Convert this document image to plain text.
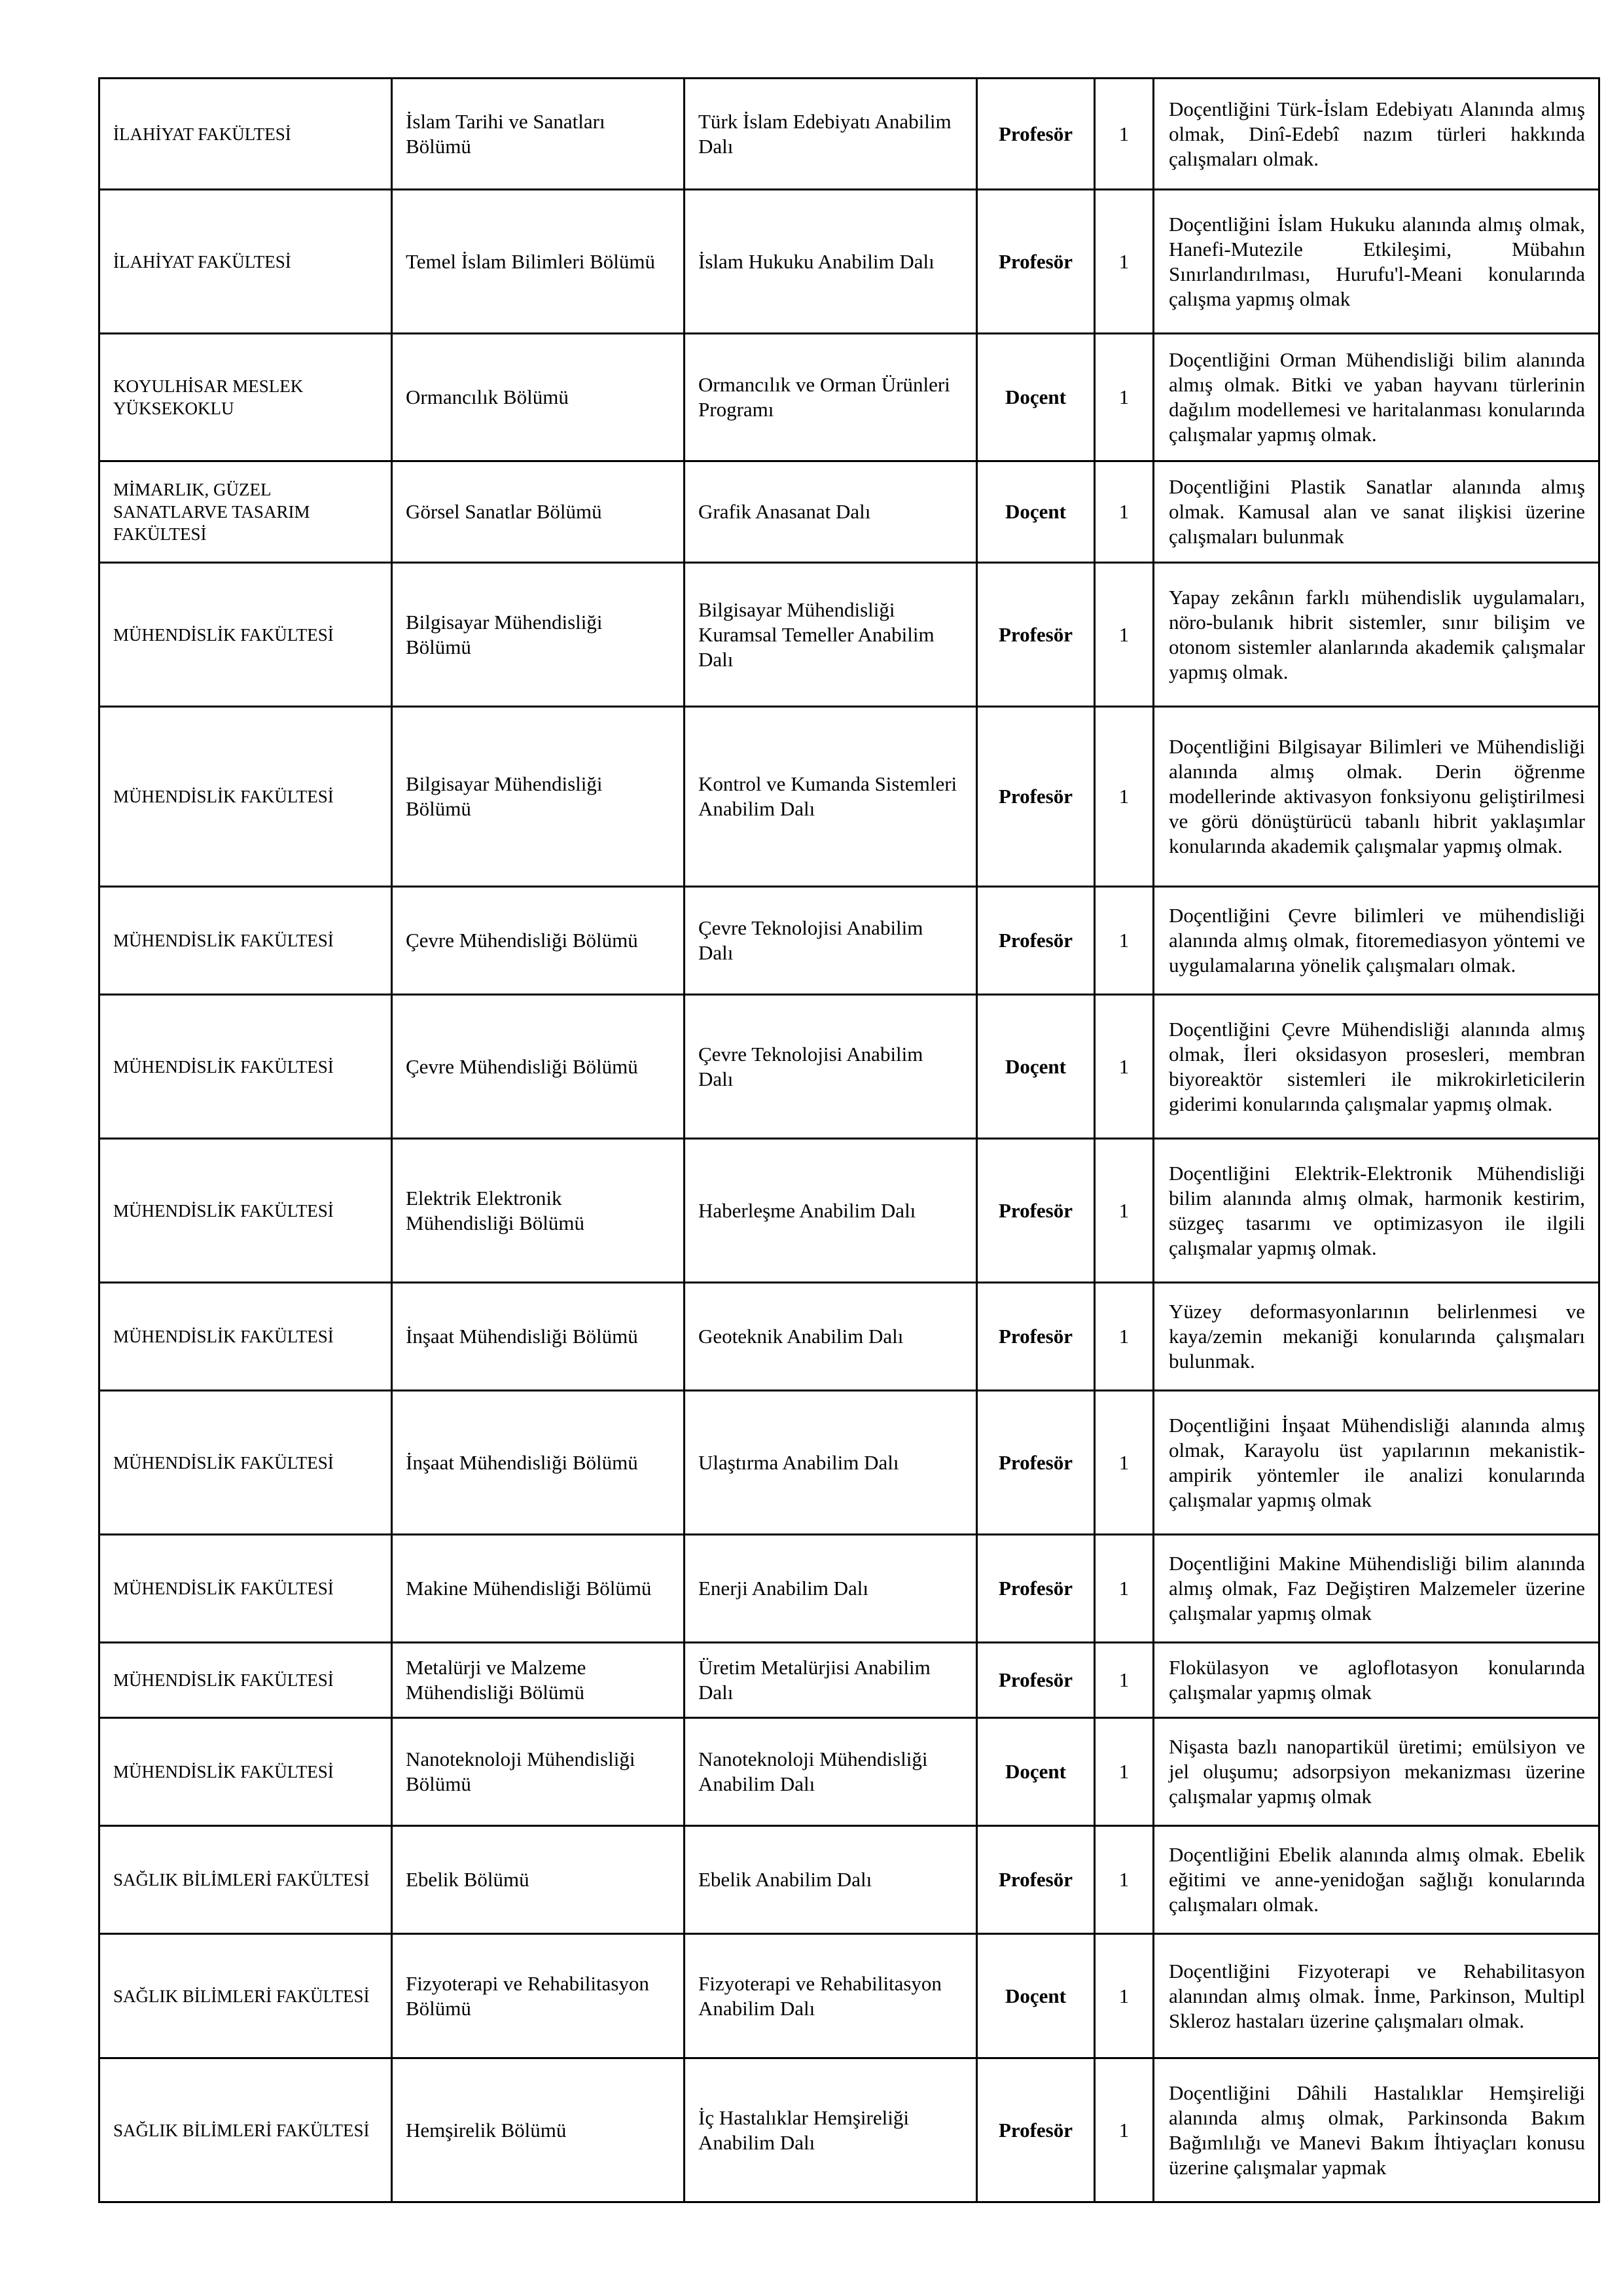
İLAHİYAT FAKÜLTESİ	İslam Tarihi ve Sanatları Bölümü	Türk İslam Edebiyatı Anabilim Dalı	Profesör	1	Doçentliğini Türk-İslam Edebiyatı Alanında almış olmak, Dinî-Edebî nazım türleri hakkında çalışmaları olmak.
İLAHİYAT FAKÜLTESİ	Temel İslam Bilimleri Bölümü	İslam Hukuku Anabilim Dalı	Profesör	1	Doçentliğini İslam Hukuku alanında almış olmak, Hanefi-Mutezile Etkileşimi, Mübahın Sınırlandırılması, Hurufu'l-Meani konularında çalışma yapmış olmak
KOYULHİSAR MESLEK YÜKSEKOKLU	Ormancılık Bölümü	Ormancılık ve Orman Ürünleri Programı	Doçent	1	Doçentliğini Orman Mühendisliği bilim alanında almış olmak. Bitki ve yaban hayvanı türlerinin dağılım modellemesi ve haritalanması konularında çalışmalar yapmış olmak.
MİMARLIK, GÜZEL SANATLARVE TASARIM FAKÜLTESİ	Görsel Sanatlar Bölümü	Grafik Anasanat Dalı	Doçent	1	Doçentliğini Plastik Sanatlar alanında almış olmak. Kamusal alan ve sanat ilişkisi üzerine çalışmaları bulunmak
MÜHENDİSLİK FAKÜLTESİ	Bilgisayar Mühendisliği Bölümü	Bilgisayar Mühendisliği Kuramsal Temeller Anabilim Dalı	Profesör	1	Yapay zekânın farklı mühendislik uygulamaları, nöro-bulanık hibrit sistemler, sınır bilişim ve otonom sistemler alanlarında akademik çalışmalar yapmış olmak.
MÜHENDİSLİK FAKÜLTESİ	Bilgisayar Mühendisliği Bölümü	Kontrol ve Kumanda Sistemleri Anabilim Dalı	Profesör	1	Doçentliğini Bilgisayar Bilimleri ve Mühendisliği alanında almış olmak. Derin öğrenme modellerinde aktivasyon fonksiyonu geliştirilmesi ve görü dönüştürücü tabanlı hibrit yaklaşımlar konularında akademik çalışmalar yapmış olmak.
MÜHENDİSLİK FAKÜLTESİ	Çevre Mühendisliği Bölümü	Çevre Teknolojisi Anabilim Dalı	Profesör	1	Doçentliğini Çevre bilimleri ve mühendisliği alanında almış olmak, fitoremediasyon yöntemi ve uygulamalarına yönelik çalışmaları olmak.
MÜHENDİSLİK FAKÜLTESİ	Çevre Mühendisliği Bölümü	Çevre Teknolojisi Anabilim Dalı	Doçent	1	Doçentliğini Çevre Mühendisliği alanında almış olmak, İleri oksidasyon prosesleri, membran biyoreaktör sistemleri ile mikrokirleticilerin giderimi konularında çalışmalar yapmış olmak.
MÜHENDİSLİK FAKÜLTESİ	Elektrik Elektronik Mühendisliği Bölümü	Haberleşme Anabilim Dalı	Profesör	1	Doçentliğini Elektrik-Elektronik Mühendisliği bilim alanında almış olmak, harmonik kestirim, süzgeç tasarımı ve optimizasyon ile ilgili çalışmalar yapmış olmak.
MÜHENDİSLİK FAKÜLTESİ	İnşaat Mühendisliği Bölümü	Geoteknik Anabilim Dalı	Profesör	1	Yüzey deformasyonlarının belirlenmesi ve kaya/zemin mekaniği konularında çalışmaları bulunmak.
MÜHENDİSLİK FAKÜLTESİ	İnşaat Mühendisliği Bölümü	Ulaştırma Anabilim Dalı	Profesör	1	Doçentliğini İnşaat Mühendisliği alanında almış olmak, Karayolu üst yapılarının mekanistik-ampirik yöntemler ile analizi konularında çalışmalar yapmış olmak
MÜHENDİSLİK FAKÜLTESİ	Makine Mühendisliği Bölümü	Enerji Anabilim Dalı	Profesör	1	Doçentliğini Makine Mühendisliği bilim alanında almış olmak, Faz Değiştiren Malzemeler üzerine çalışmalar yapmış olmak
MÜHENDİSLİK FAKÜLTESİ	Metalürji ve Malzeme Mühendisliği Bölümü	Üretim Metalürjisi Anabilim Dalı	Profesör	1	Flokülasyon ve agloflotasyon konularında çalışmalar yapmış olmak
MÜHENDİSLİK FAKÜLTESİ	Nanoteknoloji Mühendisliği Bölümü	Nanoteknoloji Mühendisliği Anabilim Dalı	Doçent	1	Nişasta bazlı nanopartikül üretimi; emülsiyon ve jel oluşumu; adsorpsiyon mekanizması üzerine çalışmalar yapmış olmak
SAĞLIK BİLİMLERİ FAKÜLTESİ	Ebelik Bölümü	Ebelik Anabilim Dalı	Profesör	1	Doçentliğini Ebelik alanında almış olmak. Ebelik eğitimi ve anne-yenidoğan sağlığı konularında çalışmaları olmak.
SAĞLIK BİLİMLERİ FAKÜLTESİ	Fizyoterapi ve Rehabilitasyon Bölümü	Fizyoterapi ve Rehabilitasyon Anabilim Dalı	Doçent	1	Doçentliğini Fizyoterapi ve Rehabilitasyon alanından almış olmak. İnme, Parkinson, Multipl Skleroz hastaları üzerine çalışmaları olmak.
SAĞLIK BİLİMLERİ FAKÜLTESİ	Hemşirelik Bölümü	İç Hastalıklar Hemşireliği Anabilim Dalı	Profesör	1	Doçentliğini Dâhili Hastalıklar Hemşireliği alanında almış olmak, Parkinsonda Bakım Bağımlılığı ve Manevi Bakım İhtiyaçları konusu üzerine çalışmalar yapmak
